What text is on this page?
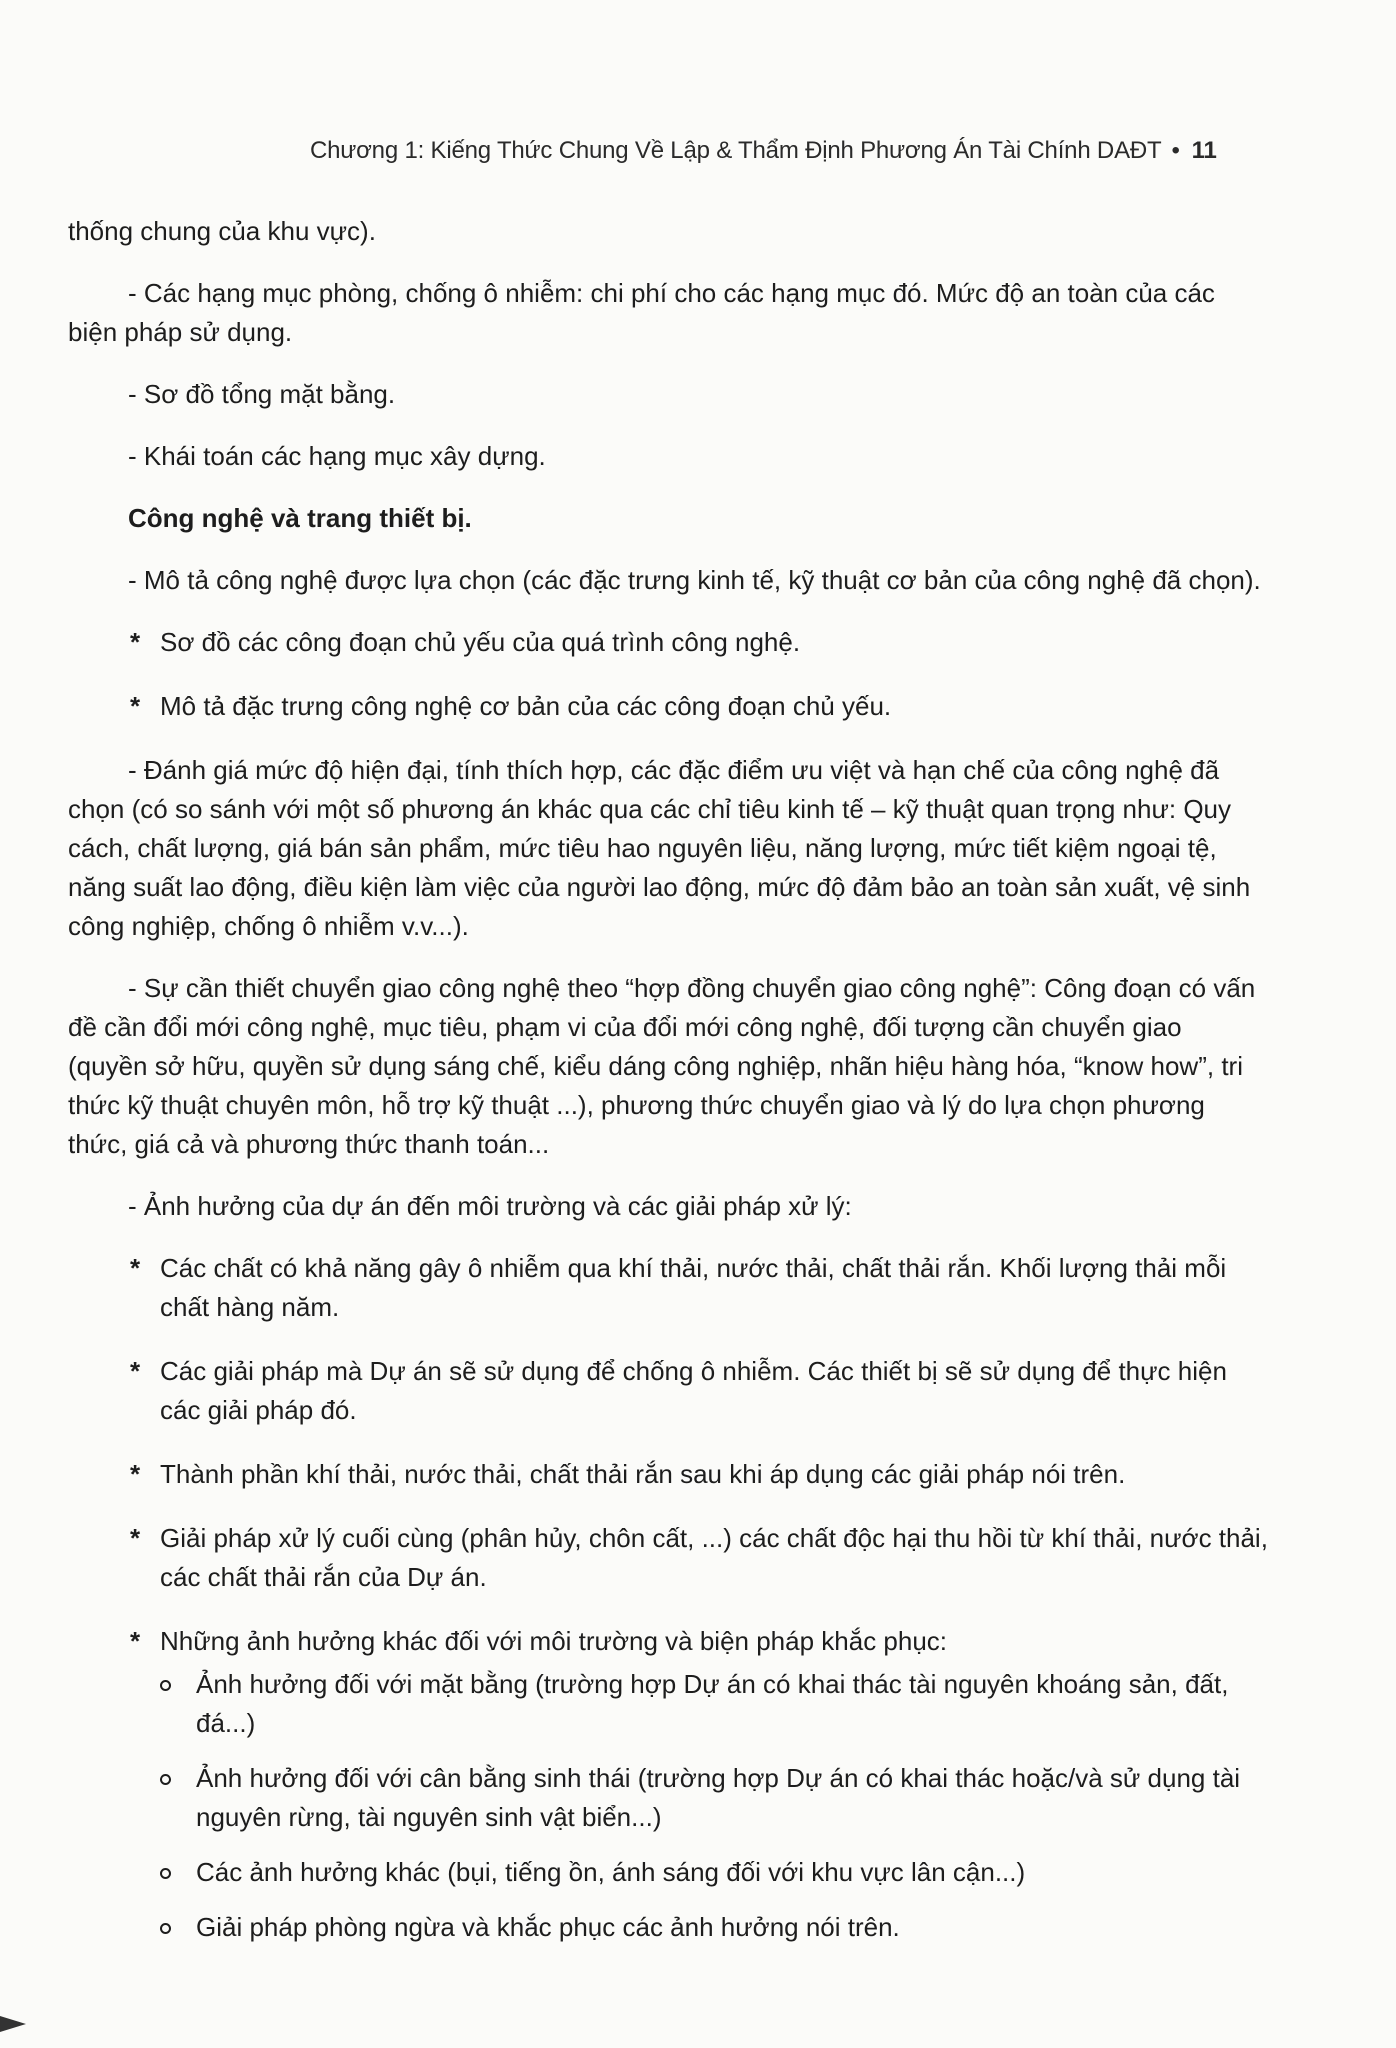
Chương 1: Kiếng Thức Chung Về Lập & Thẩm Định Phương Án Tài Chính DAĐT • 11

thống chung của khu vực).

- Các hạng mục phòng, chống ô nhiễm: chi phí cho các hạng mục đó. Mức độ an toàn của các biện pháp sử dụng.

- Sơ đồ tổng mặt bằng.

- Khái toán các hạng mục xây dựng.

Công nghệ và trang thiết bị.

- Mô tả công nghệ được lựa chọn (các đặc trưng kinh tế, kỹ thuật cơ bản của công nghệ đã chọn).

* Sơ đồ các công đoạn chủ yếu của quá trình công nghệ.
* Mô tả đặc trưng công nghệ cơ bản của các công đoạn chủ yếu.

- Đánh giá mức độ hiện đại, tính thích hợp, các đặc điểm ưu việt và hạn chế của công nghệ đã chọn (có so sánh với một số phương án khác qua các chỉ tiêu kinh tế – kỹ thuật quan trọng như: Quy cách, chất lượng, giá bán sản phẩm, mức tiêu hao nguyên liệu, năng lượng, mức tiết kiệm ngoại tệ, năng suất lao động, điều kiện làm việc của người lao động, mức độ đảm bảo an toàn sản xuất, vệ sinh công nghiệp, chống ô nhiễm v.v...).

- Sự cần thiết chuyển giao công nghệ theo “hợp đồng chuyển giao công nghệ”: Công đoạn có vấn đề cần đổi mới công nghệ, mục tiêu, phạm vi của đổi mới công nghệ, đối tượng cần chuyển giao (quyền sở hữu, quyền sử dụng sáng chế, kiểu dáng công nghiệp, nhãn hiệu hàng hóa, “know how”, tri thức kỹ thuật chuyên môn, hỗ trợ kỹ thuật ...), phương thức chuyển giao và lý do lựa chọn phương thức, giá cả và phương thức thanh toán...

- Ảnh hưởng của dự án đến môi trường và các giải pháp xử lý:

* Các chất có khả năng gây ô nhiễm qua khí thải, nước thải, chất thải rắn. Khối lượng thải mỗi chất hàng năm.
* Các giải pháp mà Dự án sẽ sử dụng để chống ô nhiễm. Các thiết bị sẽ sử dụng để thực hiện các giải pháp đó.
* Thành phần khí thải, nước thải, chất thải rắn sau khi áp dụng các giải pháp nói trên.
* Giải pháp xử lý cuối cùng (phân hủy, chôn cất, ...) các chất độc hại thu hồi từ khí thải, nước thải, các chất thải rắn của Dự án.
* Những ảnh hưởng khác đối với môi trường và biện pháp khắc phục:
Ảnh hưởng đối với mặt bằng (trường hợp Dự án có khai thác tài nguyên khoáng sản, đất, đá...)
Ảnh hưởng đối với cân bằng sinh thái (trường hợp Dự án có khai thác hoặc/và sử dụng tài nguyên rừng, tài nguyên sinh vật biển...)
Các ảnh hưởng khác (bụi, tiếng ồn, ánh sáng đối với khu vực lân cận...)
Giải pháp phòng ngừa và khắc phục các ảnh hưởng nói trên.
